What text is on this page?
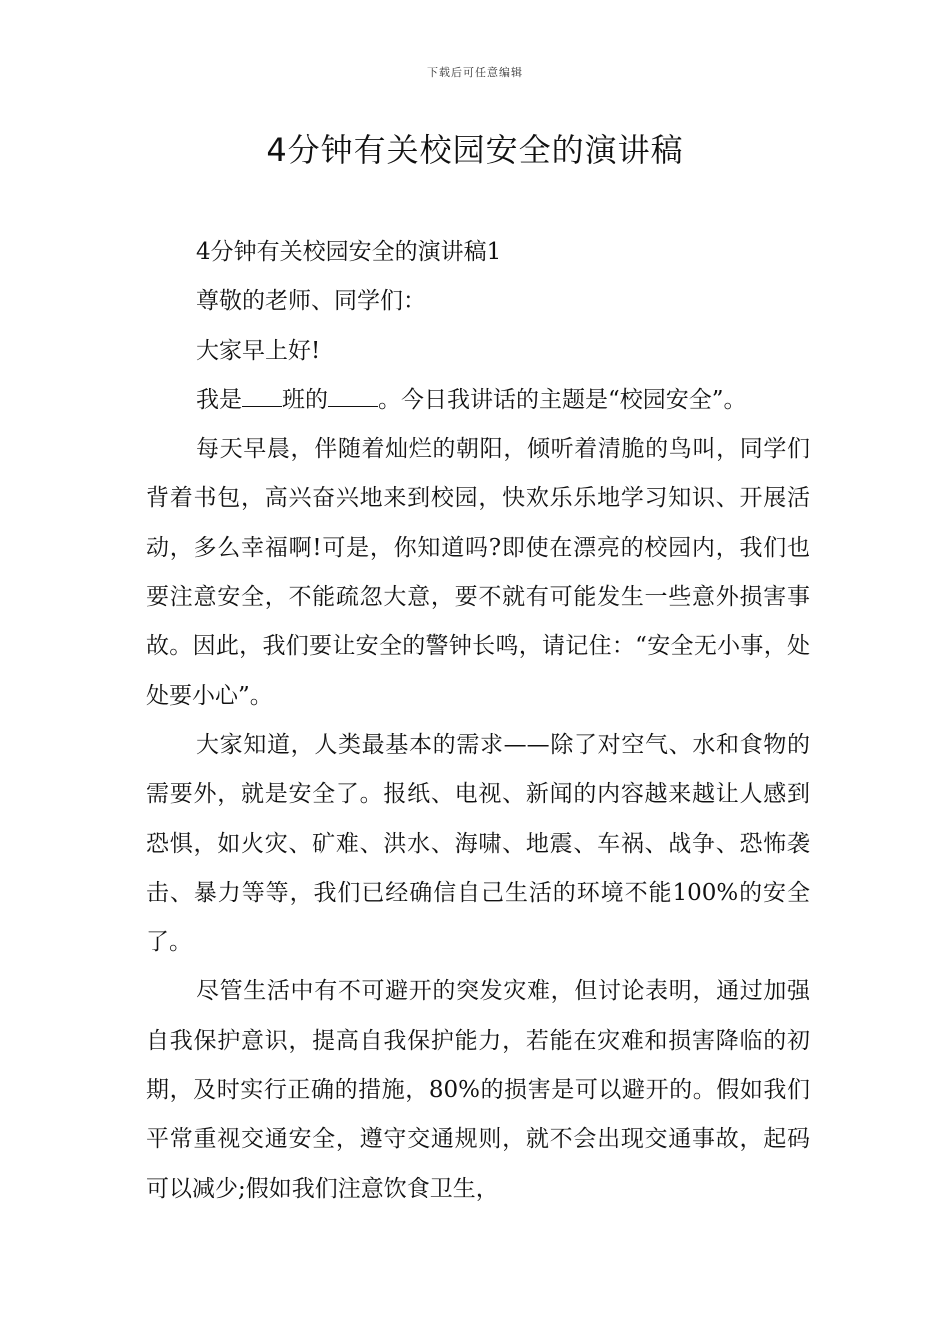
下载后可任意编辑
4分钟有关校园安全的演讲稿

4分钟有关校园安全的演讲稿1

尊敬的老师、同学们：

大家早上好!

我是 班的 。今日我讲话的主题是“校园安全”。

每天早晨，伴随着灿烂的朝阳，倾听着清脆的鸟叫，同学们背着书包，高兴奋兴地来到校园，快欢乐乐地学习知识、开展活动，多么幸福啊!可是，你知道吗?即使在漂亮的校园内，我们也要注意安全，不能疏忽大意，要不就有可能发生一些意外损害事故。因此，我们要让安全的警钟长鸣，请记住：“安全无小事，处处要小心”。

大家知道，人类最基本的需求——除了对空气、水和食物的需要外，就是安全了。报纸、电视、新闻的内容越来越让人感到恐惧，如火灾、矿难、洪水、海啸、地震、车祸、战争、恐怖袭击、暴力等等，我们已经确信自己生活的环境不能100%的安全了。

尽管生活中有不可避开的突发灾难，但讨论表明，通过加强自我保护意识，提高自我保护能力，若能在灾难和损害降临的初期，及时实行正确的措施，80%的损害是可以避开的。假如我们平常重视交通安全，遵守交通规则，就不会出现交通事故，起码可以减少;假如我们注意饮食卫生，
